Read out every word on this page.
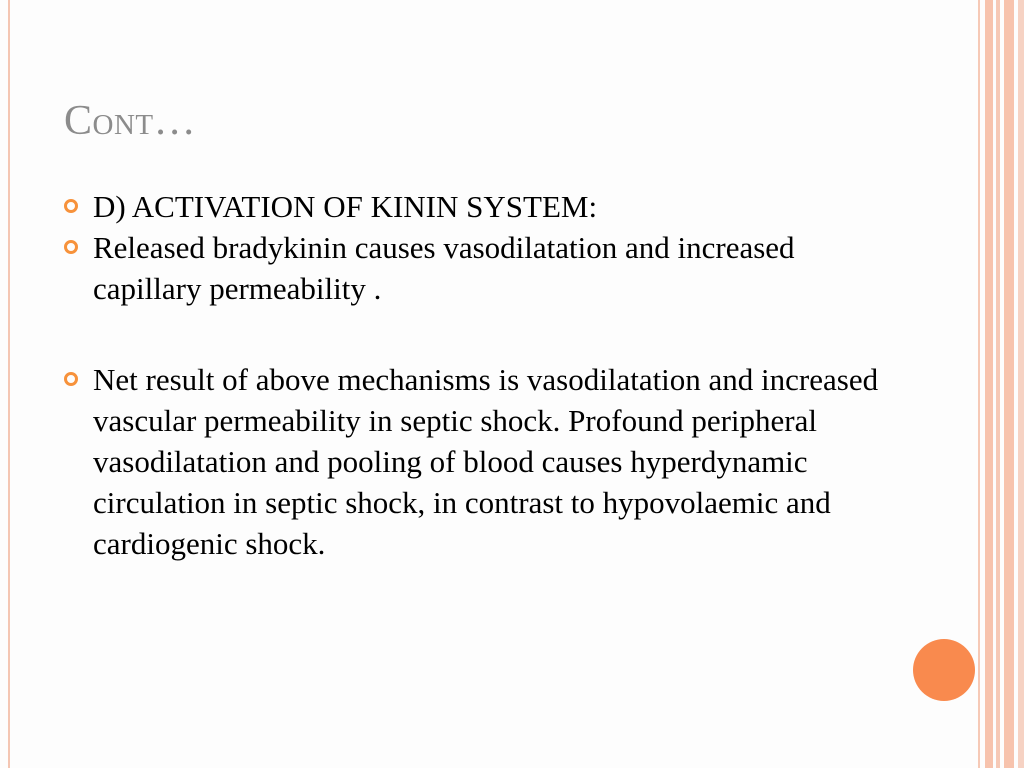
Cont…
D) ACTIVATION OF KININ SYSTEM:
Released bradykinin causes vasodilatation and increased capillary permeability .
Net result of above mechanisms is vasodilatation and increased vascular permeability in septic shock. Profound peripheral vasodilatation and pooling of blood causes hyperdynamic circulation in septic shock, in contrast to hypovolaemic and cardiogenic shock.
